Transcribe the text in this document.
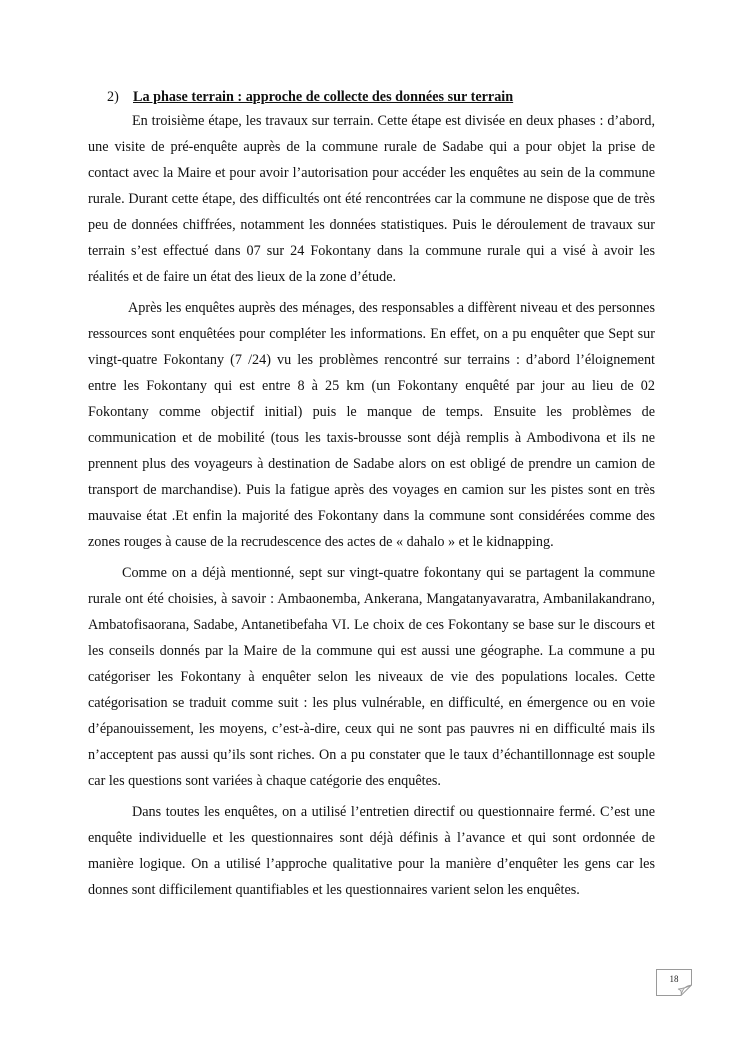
2) La phase terrain : approche de collecte des données sur terrain

En troisième étape, les travaux sur terrain. Cette étape est divisée en deux phases : d’abord, une visite de pré-enquête auprès de la commune rurale de Sadabe qui a pour objet la prise de contact avec la Maire et pour avoir l’autorisation pour accéder les enquêtes au sein de la commune rurale. Durant cette étape, des difficultés ont été rencontrées car la commune ne dispose que de très peu de données chiffrées, notamment les données statistiques. Puis le déroulement de travaux sur terrain s’est effectué dans 07 sur 24 Fokontany dans la commune rurale qui a visé à avoir les réalités et de faire un état des lieux de la zone d’étude.

Après les enquêtes auprès des ménages, des responsables a diffèrent niveau et des personnes ressources sont enquêtées pour compléter les informations. En effet, on a pu enquêter que Sept sur vingt-quatre Fokontany (7 /24) vu les problèmes rencontré sur terrains : d’abord l’éloignement entre les Fokontany qui est entre 8 à 25 km (un Fokontany enquêté par jour au lieu de 02 Fokontany comme objectif initial) puis le manque de temps. Ensuite les problèmes de communication et de mobilité (tous les taxis-brousse sont déjà remplis à Ambodivona et ils ne prennent plus des voyageurs à destination de Sadabe alors on est obligé de prendre un camion de transport de marchandise). Puis la fatigue après des voyages en camion sur les pistes sont en très mauvaise état .Et enfin la majorité des Fokontany dans la commune sont considérées comme des zones rouges à cause de la recrudescence des actes de « dahalo » et le kidnapping.

Comme on a déjà mentionné, sept sur vingt-quatre fokontany qui se partagent la commune rurale ont été choisies, à savoir : Ambaonemba, Ankerana, Mangatanyavaratra, Ambanilakandrano, Ambatofisaorana, Sadabe, Antanetibefaha VI. Le choix de ces Fokontany se base sur le discours et les conseils donnés par la Maire de la commune qui est aussi une géographe. La commune a pu catégoriser les Fokontany à enquêter selon les niveaux de vie des populations locales. Cette catégorisation se traduit comme suit : les plus vulnérable, en difficulté, en émergence ou en voie d’épanouissement, les moyens, c’est-à-dire, ceux qui ne sont pas pauvres ni en difficulté mais ils n’acceptent pas aussi qu’ils sont riches. On a pu constater que le taux d’échantillonnage est souple car les questions sont variées à chaque catégorie des enquêtes.

Dans toutes les enquêtes, on a utilisé l’entretien directif ou questionnaire fermé. C’est une enquête individuelle et les questionnaires sont déjà définis à l’avance et qui sont ordonnée de manière logique. On a utilisé l’approche qualitative pour la manière d’enquêter les gens car les donnes sont difficilement quantifiables et les questionnaires varient selon les enquêtes.

18
